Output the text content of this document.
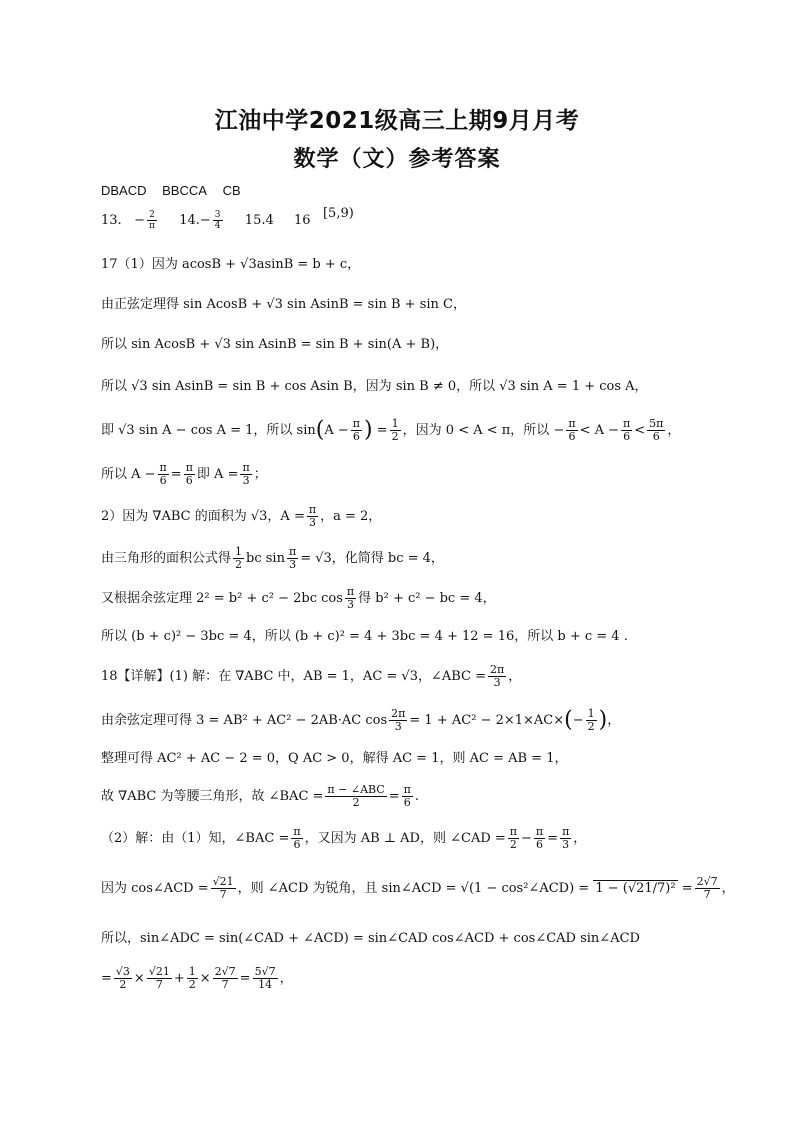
江油中学2021级高三上期9月月考
数学（文）参考答案
DBACD BBCCA CB
13. − $\frac{2}{\pi} 14.- \frac{3}{4} 15.4$ 16 [5,9)
17（1）因为 acosB + √3asinB = b + c，
由正弦定理得 sin AcosB + √3 sin AsinB = sin B + sin C，
所以 sin AcosB + √3 sin AsinB = sin B + sin(A + B)，
所以 √3 sin AsinB = sin B + cos Asin B，因为 sin B ≠ 0，所以 √3 sin A = 1 + cos A，
即 √3 sin A − cos A = 1，所以 $\sin(A - \frac{\pi}{6}$ ) = $\frac{1}{2}$ ，因为 0 < A < π，所以 − $\frac{\pi}{6} < A - \frac{\pi}{6} < \frac{5\pi}{6}$ ，
所以 $A - \frac{\pi}{6} = \frac{\pi}{6}$ 即 $A = \frac{\pi}{3}$ ；
2）因为 ∇ABC 的面积为 √3，$A = \frac{\pi}{3}$ ，a = 2，
由三角形的面积公式得 $\frac{1}{2}$ bc $\sin \frac{\pi}{3} = √3$，化简得 bc = 4，
又根据余弦定理 2² = b² + c² − 2bc $\cos \frac{\pi}{3}$ 得 b² + c² − bc = 4，
所以 (b + c)² − 3bc = 4，所以 (b + c)² = 4 + 3bc = 4 + 12 = 16，所以 b + c = 4 .
18【详解】(1) 解：在 ∇ABC 中，AB = 1，AC = √3，∠ABC = $\frac{2\pi}{3}$ ，
由余弦定理可得 3 = AB² + AC² − 2AB·AC $\cos \frac{2\pi}{3} = 1 + AC^2 - 2\times 1\times AC\times(- \frac{1}{2}$ )，
整理可得 AC² + AC − 2 = 0，Q AC > 0，解得 AC = 1，则 AC = AB = 1，
故 ∇ABC 为等腰三角形，故 ∠BAC = $\frac{\text{π − ∠ABC}}{2} = \frac{\pi}{6}$ .
（2）解：由（1）知，∠BAC = $\frac{\pi}{6}$ ，又因为 AB ⊥ AD，则 ∠CAD = $\frac{\pi}{2} - \frac{\pi}{6} = \frac{\pi}{3}$ ，
因为 cos∠ACD = $\frac{√21}{7}$ ，则 ∠ACD 为锐角，且 sin∠ACD = √(1 − cos²∠ACD) = $1 - (√21/7)^2 = \frac{2√7}{7}$ ，
所以，sin∠ADC = sin(∠CAD + ∠ACD) = sin∠CAD cos∠ACD + cos∠CAD sin∠ACD
= $\frac{√3}{2} \times \frac{√21}{7} + \frac{1}{2} \times \frac{2√7}{7} = \frac{5√7}{14}$ ，
